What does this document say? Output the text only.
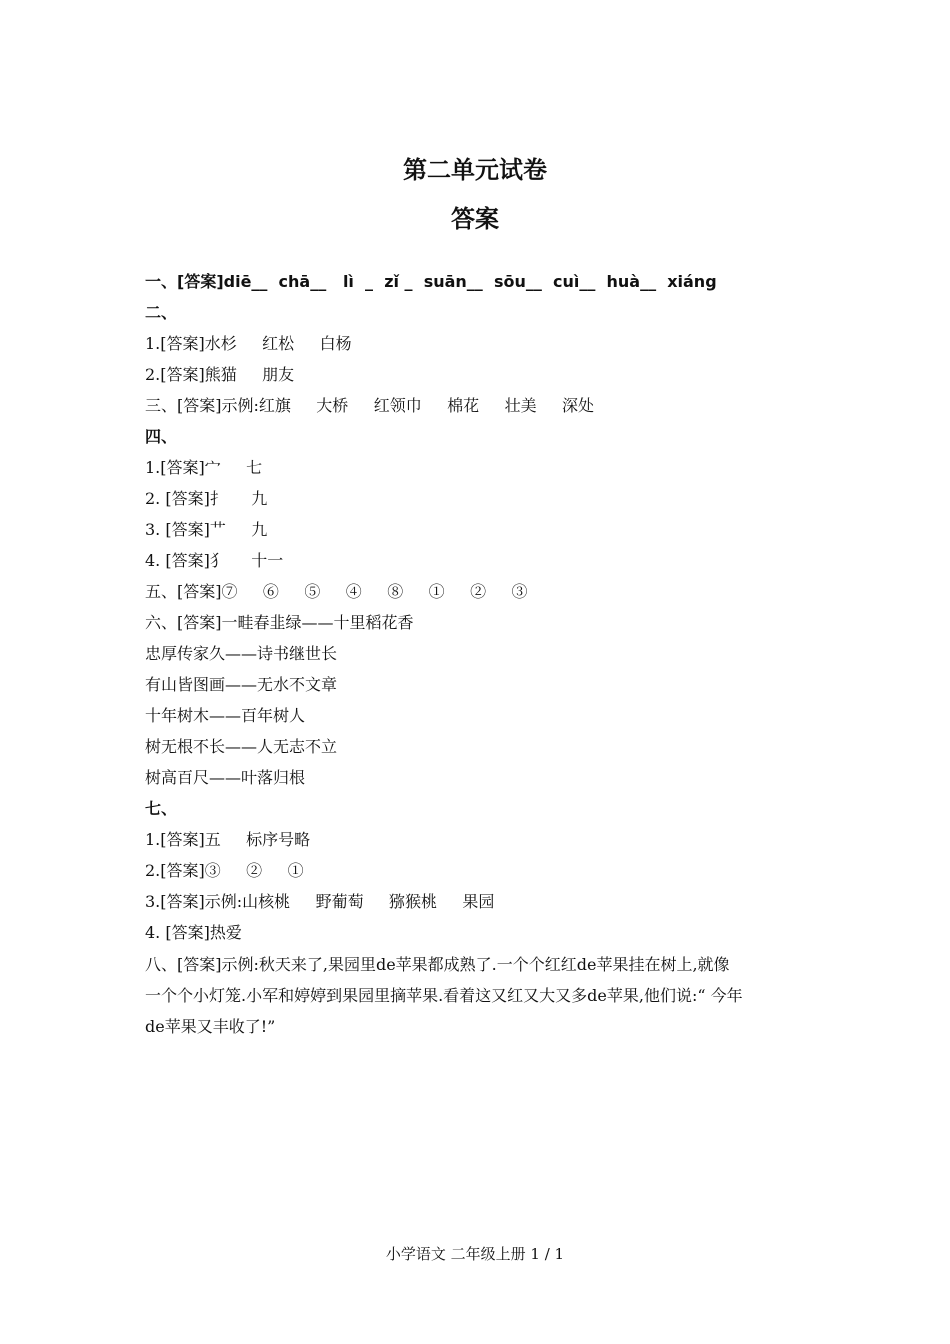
第二单元试卷
答案
一、[答案]diē__  chā__   lì  _  zǐ _  suān__  sōu__  cuì__  huà__  xiáng
二、
1.[答案]水杉     红松     白杨
2.[答案]熊猫     朋友
三、[答案]示例:红旗     大桥     红领巾     棉花     壮美     深处
四、
1.[答案]宀     七
2. [答案]扌     九
3. [答案]艹     九
4. [答案]犭     十一
五、[答案]⑦     ⑥     ⑤     ④     ⑧     ①     ②     ③
六、[答案]一畦春韭绿——十里稻花香
忠厚传家久——诗书继世长
有山皆图画——无水不文章
十年树木——百年树人
树无根不长——人无志不立
树高百尺——叶落归根
七、
1.[答案]五     标序号略
2.[答案]③     ②     ①
3.[答案]示例:山核桃     野葡萄     猕猴桃     果园
4. [答案]热爱
八、[答案]示例:秋天来了,果园里de苹果都成熟了.一个个红红de苹果挂在树上,就像
一个个小灯笼.小军和婷婷到果园里摘苹果.看着这又红又大又多de苹果,他们说:“ 今年
de苹果又丰收了!”
小学语文 二年级上册 1 / 1
